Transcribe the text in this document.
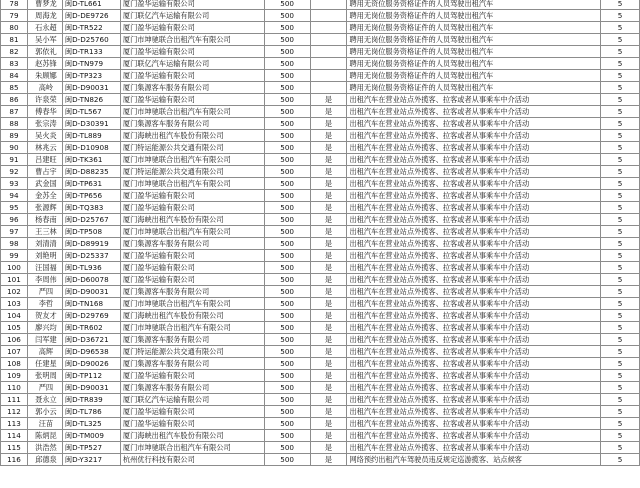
78	曹梦龙	闽D-TL661	厦门盈华运输有限公司	500		聘用无资位服务资格证件的人员驾驶出租汽车	5
79	周海龙	闽D-DE9726	厦门联亿汽车运输有限公司	500		聘用无岗位服务资格证件的人员驾驶出租汽车	5
80	石永超	闽D-TR522	厦门盈华运输有限公司	500		聘用无岗位服务资格证件的人员驾驶出租汽车	5
81	吴小军	闽D-D25760	厦门市坤驰联合出租汽车有限公司	500		聘用无岗位服务资格证件的人员驾驶出租汽车	5
82	郭依礼	闽D-TR133	厦门盈华运输有限公司	500		聘用无岗位服务资格证件的人员驾驶出租汽车	5
83	赵苏锋	闽D-TN979	厦门联亿汽车运输有限公司	500		聘用无岗位服务资格证件的人员驾驶出租汽车	5
84	朱顾娜	闽D-TP323	厦门盈华运输有限公司	500		聘用无岗位服务资格证件的人员驾驶出租汽车	5
85	高岭	闽D-D90031	厦门集源客车服务有限公司	500		聘用无岗位服务资格证件的人员驾驶出租汽车	5
86	许泉荣	闽D-TN826	厦门盈华运输有限公司	500	是	出租汽车在营业站点外揽客、拉客或者从事乘车中介活动	5
87	傅春华	闽D-TL567	厦门市坤驰联合出租汽车有限公司	500	是	出租汽车在营业站点外揽客、拉客或者从事乘车中介活动	5
88	张宗涛	闽D-D30391	厦门集源客车服务有限公司	500	是	出租汽车在营业站点外揽客、拉客或者从事乘车中介活动	5
89	吴火炎	闽D-TL889	厦门海峡出租汽车股份有限公司	500	是	出租汽车在营业站点外揽客、拉客或者从事乘车中介活动	5
90	林兆云	闽D-D10908	厦门特运能源公共交通有限公司	500	是	出租汽车在营业站点外揽客、拉客或者从事乘车中介活动	5
91	吕建旺	闽D-TK361	厦门市坤驰联合出租汽车有限公司	500	是	出租汽车在营业站点外揽客、拉客或者从事乘车中介活动	5
92	曹占宇	闽D-D88235	厦门特运能源公共交通有限公司	500	是	出租汽车在营业站点外揽客、拉客或者从事乘车中介活动	5
93	武金国	闽D-TP631	厦门市坤驰联合出租汽车有限公司	500	是	出租汽车在营业站点外揽客、拉客或者从事乘车中介活动	5
94	金苏全	闽D-TP656	厦门盈华运输有限公司	500	是	出租汽车在营业站点外揽客、拉客或者从事乘车中介活动	5
95	张源辉	闽D-TQ383	厦门盈华运输有限公司	500	是	出租汽车在营业站点外揽客、拉客或者从事乘车中介活动	5
96	杨春南	闽D-D25767	厦门海峡出租汽车股份有限公司	500	是	出租汽车在营业站点外揽客、拉客或者从事乘车中介活动	5
97	王三林	闽D-TP508	厦门市坤驰联合出租汽车有限公司	500	是	出租汽车在营业站点外揽客、拉客或者从事乘车中介活动	5
98	刘清清	闽D-D89919	厦门集源客车服务有限公司	500	是	出租汽车在营业站点外揽客、拉客或者从事乘车中介活动	5
99	刘艳明	闽D-D25337	厦门盈华运输有限公司	500	是	出租汽车在营业站点外揽客、拉客或者从事乘车中介活动	5
100	汪国福	闽D-TL936	厦门盈华运输有限公司	500	是	出租汽车在营业站点外揽客、拉客或者从事乘车中介活动	5
101	李周伟	闽D-D60078	厦门盈华运输有限公司	500	是	出租汽车在营业站点外揽客、拉客或者从事乘车中介活动	5
102	严四	闽D-D90031	厦门集源客车服务有限公司	500	是	出租汽车在营业站点外揽客、拉客或者从事乘车中介活动	5
103	李哲	闽D-TN168	厦门市坤驰联合出租汽车有限公司	500	是	出租汽车在营业站点外揽客、拉客或者从事乘车中介活动	5
104	贺友才	闽D-D29769	厦门海峡出租汽车股份有限公司	500	是	出租汽车在营业站点外揽客、拉客或者从事乘车中介活动	5
105	廖兴均	闽D-TR602	厦门市坤驰联合出租汽车有限公司	500	是	出租汽车在营业站点外揽客、拉客或者从事乘车中介活动	5
106	闫军建	闽D-D36721	厦门集源客车服务有限公司	500	是	出租汽车在营业站点外揽客、拉客或者从事乘车中介活动	5
107	高辉	闽D-D96538	厦门特运能源公共交通有限公司	500	是	出租汽车在营业站点外揽客、拉客或者从事乘车中介活动	5
108	任建星	闽D-D90026	厦门集源客车服务有限公司	500	是	出租汽车在营业站点外揽客、拉客或者从事乘车中介活动	5
109	张明周	闽D-TP112	厦门盈华运输有限公司	500	是	出租汽车在营业站点外揽客、拉客或者从事乘车中介活动	5
110	严四	闽D-D90031	厦门集源客车服务有限公司	500	是	出租汽车在营业站点外揽客、拉客或者从事乘车中介活动	5
111	聂永立	闽D-TR839	厦门联亿汽车运输有限公司	500	是	出租汽车在营业站点外揽客、拉客或者从事乘车中介活动	5
112	郭小云	闽D-TL786	厦门盈华运输有限公司	500	是	出租汽车在营业站点外揽客、拉客或者从事乘车中介活动	5
113	汪苗	闽D-TL325	厦门盈华运输有限公司	500	是	出租汽车在营业站点外揽客、拉客或者从事乘车中介活动	5
114	陈炳昆	闽D-TM009	厦门海峡出租汽车股份有限公司	500	是	出租汽车在营业站点外揽客、拉客或者从事乘车中介活动	5
115	洪浩然	闽D-TP527	厦门市坤驰联合出租汽车有限公司	500	是	出租汽车在营业站点外揽客、拉客或者从事乘车中介活动	5
116	邱德泉	闽D-Y3217	杭州优行科技有限公司	500	是	网络预约出租汽车驾驶员违反规定巡游揽客、站点候客	5
